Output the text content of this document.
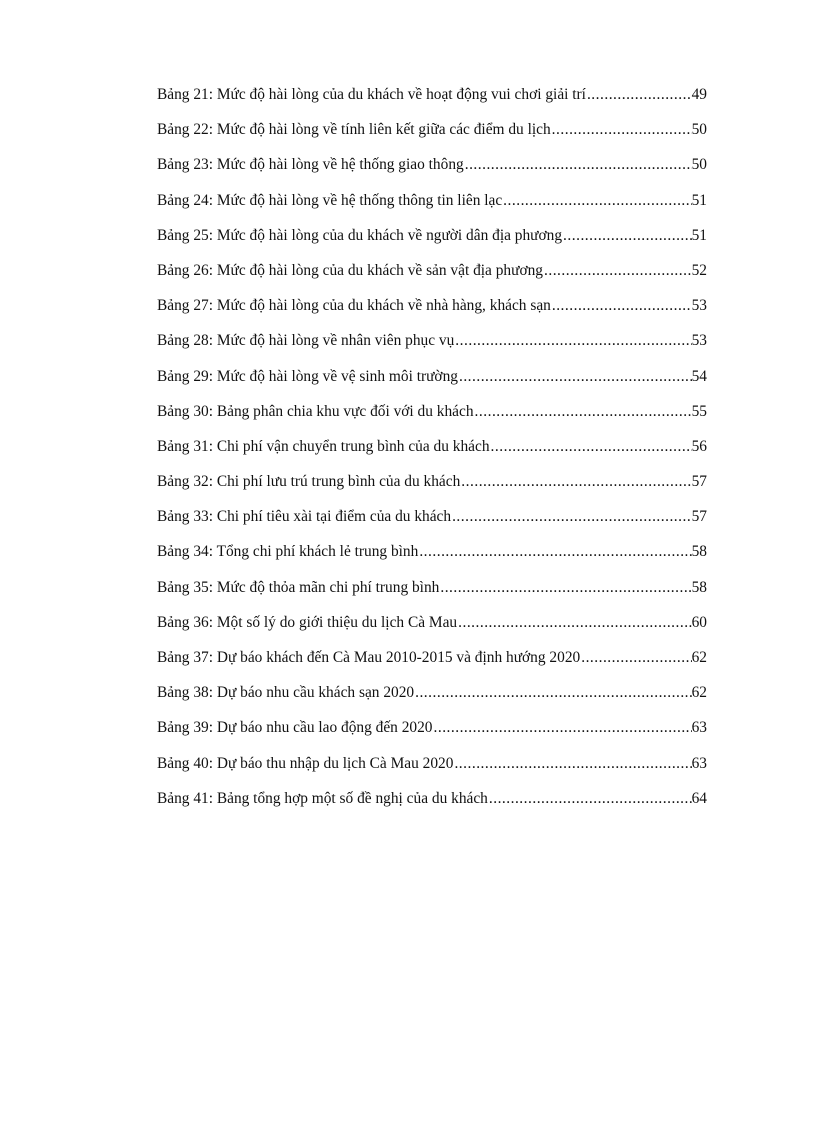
Bảng 21: Mức độ hài lòng của du khách về hoạt động vui chơi giải trí .....	49
Bảng 22: Mức độ hài lòng về tính liên kết giữa các điểm du lịch .....	50
Bảng 23: Mức độ hài lòng về hệ thống giao thông .....	50
Bảng 24: Mức độ hài lòng về hệ thống thông tin liên lạc .....	51
Bảng 25: Mức độ hài lòng của du khách về người dân địa phương .....	51
Bảng 26: Mức độ hài lòng của du khách về sản vật địa phương .....	52
Bảng 27: Mức độ hài lòng của du khách về nhà hàng, khách sạn .....	53
Bảng 28: Mức độ hài lòng về nhân viên phục vụ .....	53
Bảng 29: Mức độ hài lòng về vệ sinh môi trường .....	54
Bảng 30: Bảng phân chia khu vực đối với du khách .....	55
Bảng 31: Chi phí vận chuyển trung bình của du khách .....	56
Bảng 32: Chi phí lưu trú trung bình của du khách .....	57
Bảng 33: Chi phí tiêu xài tại điểm của du khách .....	57
Bảng 34: Tổng chi phí khách lẻ trung bình .....	58
Bảng 35: Mức độ thỏa mãn chi phí trung bình .....	58
Bảng 36: Một số lý do giới thiệu du lịch Cà Mau .....	60
Bảng 37: Dự báo khách đến Cà Mau 2010-2015 và định hướng 2020 .....	62
Bảng 38: Dự báo nhu cầu khách sạn 2020 .....	62
Bảng 39: Dự báo nhu cầu lao động đến 2020 .....	63
Bảng 40: Dự báo thu nhập du lịch Cà Mau 2020 .....	63
Bảng 41: Bảng tổng hợp một số đề nghị của du khách .....	64
